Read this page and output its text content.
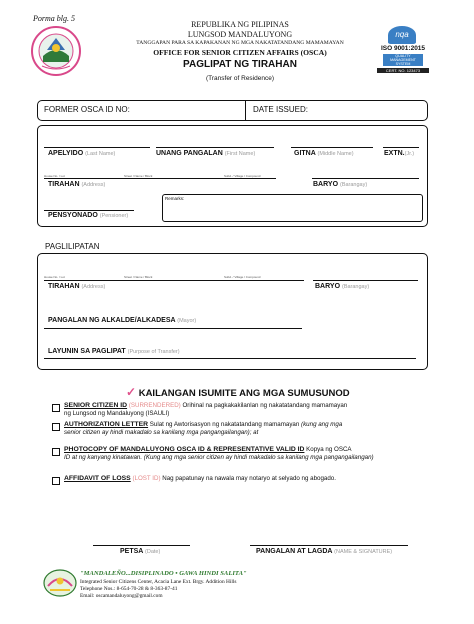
Porma blg. 5
REPUBLIKA NG PILIPINAS
LUNGSOD MANDALUYONG
TANGGAPAN PARA SA KAPAKANAN NG MGA NAKATATANDANG MAMAMAYAN
OFFICE FOR SENIOR CITIZEN AFFAIRS (OSCA)
PAGLIPAT NG TIRAHAN
(Transfer of Residence)
nqa
ISO 9001:2015
QUALITY MANAGEMENT SYSTEM
CERT. NO. 123473
FORMER OSCA ID NO:	DATE ISSUED:
APELYIDO (Last Name)	UNANG PANGALAN (First Name)	GITNA (Middle Name)	EXTN.(Jr.)
House No. / Lot	Street / Name / Block	Subd. / Village / Compound
TIRAHAN (Address)	BARYO (Barangay)
Remarks:
PENSYONADO (Pensioner)
PAGLILIPATAN
House No. / Lot	Street / Name / Block	Subd. / Village / Compound
TIRAHAN (Address)	BARYO (Barangay)
PANGALAN NG ALKALDE/ALKADESA (Mayor)
LAYUNIN SA PAGLIPAT (Purpose of Transfer)
✓ KAILANGAN ISUMITE ANG MGA SUMUSUNOD
SENIOR CITIZEN ID (SURRENDERED) Orihinal na pagkakakilanlan ng nakatatandang mamamayan
ng Lungsod ng Mandaluyong (ISAULI)
AUTHORIZATION LETTER Sulat ng Awtorisasyon ng nakatatandang mamamayan (kung ang mga
senior citizen ay hindi makadalo sa kanilang mga pangangailangan); at
PHOTOCOPY OF MANDALUYONG OSCA ID & REPRESENTATIVE VALID ID Kopya ng OSCA
ID at ng kanyang kinatawan. (Kung ang mga senior citizen ay hindi makadalo sa kanilang mga pangangailangan)
AFFIDAVIT OF LOSS (LOST ID) Nag papatunay na nawala may notaryo at selyado ng abogado.
PETSA (Date)	PANGALAN AT LAGDA (NAME & SIGNATURE)
"MANDALEÑO...DISIPLINADO • GAWA HINDI SALITA"
Integrated Senior Citizens Center, Acacia Lane Ext. Brgy. Addition Hills
Telephone Nos.: 8-654-70-28 & 8-363-87-41
Email: oscamandaluyong@gmail.com
